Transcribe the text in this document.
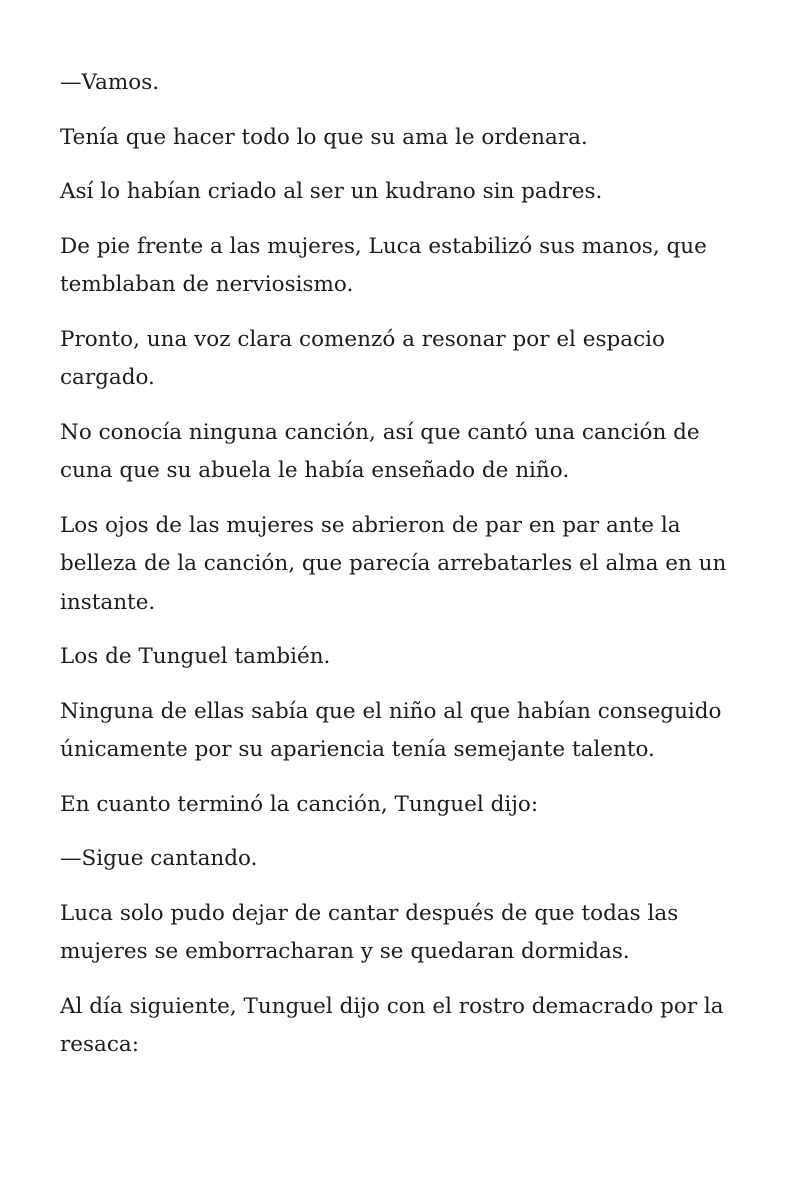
—Vamos.

Tenía que hacer todo lo que su ama le ordenara.

Así lo habían criado al ser un kudrano sin padres.

De pie frente a las mujeres, Luca estabilizó sus manos, que temblaban de nerviosismo.

Pronto, una voz clara comenzó a resonar por el espacio cargado.

No conocía ninguna canción, así que cantó una canción de cuna que su abuela le había enseñado de niño.

Los ojos de las mujeres se abrieron de par en par ante la belleza de la canción, que parecía arrebatarles el alma en un instante.

Los de Tunguel también.

Ninguna de ellas sabía que el niño al que habían conseguido únicamente por su apariencia tenía semejante talento.

En cuanto terminó la canción, Tunguel dijo:

—Sigue cantando.

Luca solo pudo dejar de cantar después de que todas las mujeres se emborracharan y se quedaran dormidas.

Al día siguiente, Tunguel dijo con el rostro demacrado por la resaca:
